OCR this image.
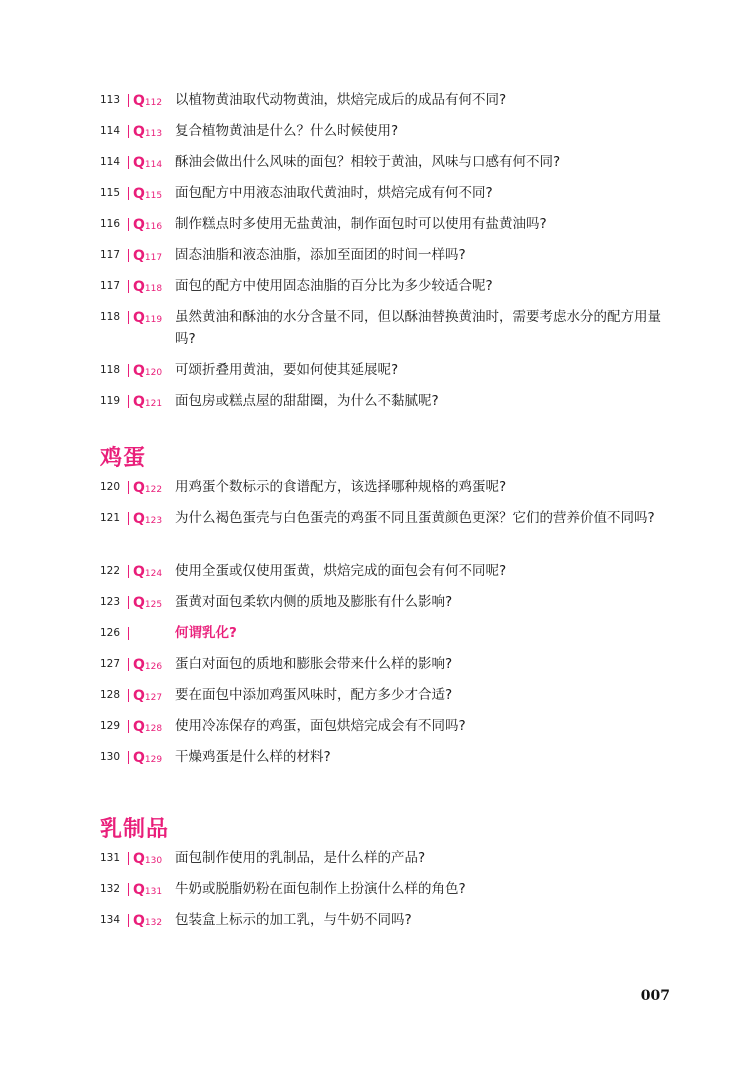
113 Q112 以植物黄油取代动物黄油，烘焙完成后的成品有何不同?
114 Q113 复合植物黄油是什么？什么时候使用?
114 Q114 酥油会做出什么风味的面包？相较于黄油，风味与口感有何不同?
115 Q115 面包配方中用液态油取代黄油时，烘焙完成有何不同?
116 Q116 制作糕点时多使用无盐黄油，制作面包时可以使用有盐黄油吗?
117 Q117 固态油脂和液态油脂，添加至面团的时间一样吗?
117 Q118 面包的配方中使用固态油脂的百分比为多少较适合呢?
118 Q119 虽然黄油和酥油的水分含量不同，但以酥油替换黄油时，需要考虑水分的配方用量吗?
118 Q120 可颂折叠用黄油，要如何使其延展呢?
119 Q121 面包房或糕点屋的甜甜圈，为什么不黏腻呢?
鸡蛋
120 Q122 用鸡蛋个数标示的食谱配方，该选择哪种规格的鸡蛋呢?
121 Q123 为什么褐色蛋壳与白色蛋壳的鸡蛋不同且蛋黄颜色更深？它们的营养价值不同吗?
122 Q124 使用全蛋或仅使用蛋黄，烘焙完成的面包会有何不同呢?
123 Q125 蛋黄对面包柔软内侧的质地及膨胀有什么影响?
126	何谓乳化?
127 Q126 蛋白对面包的质地和膨胀会带来什么样的影响?
128 Q127 要在面包中添加鸡蛋风味时，配方多少才合适?
129 Q128 使用冷冻保存的鸡蛋，面包烘焙完成会有不同吗?
130 Q129 干燥鸡蛋是什么样的材料?
乳制品
131 Q130 面包制作使用的乳制品，是什么样的产品?
132 Q131 牛奶或脱脂奶粉在面包制作上扮演什么样的角色?
134 Q132 包装盒上标示的加工乳，与牛奶不同吗?
007
